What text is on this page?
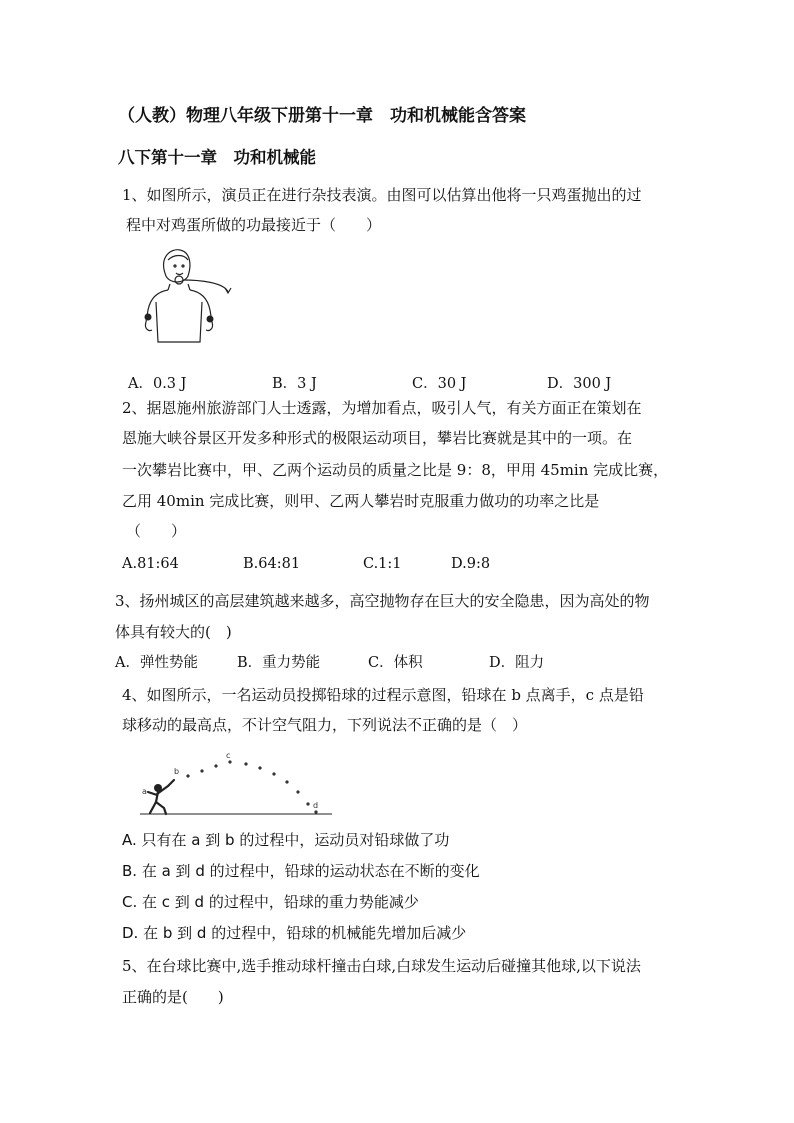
（人教）物理八年级下册第十一章　功和机械能含答案
八下第十一章　功和机械能
1、如图所示，演员正在进行杂技表演。由图可以估算出他将一只鸡蛋抛出的过
程中对鸡蛋所做的功最接近于（　　）
A．0.3 J	B．3 J	C．30 J	D．300 J
2、据恩施州旅游部门人士透露，为增加看点，吸引人气，有关方面正在策划在
恩施大峡谷景区开发多种形式的极限运动项目，攀岩比赛就是其中的一项。在
一次攀岩比赛中，甲、乙两个运动员的质量之比是 9：8，甲用 45min 完成比赛，
乙用 40min 完成比赛，则甲、乙两人攀岩时克服重力做功的功率之比是
（　　）
A.81:64	B.64:81	C.1:1	D.9:8
3、扬州城区的高层建筑越来越多，高空抛物存在巨大的安全隐患，因为高处的物
体具有较大的(　)
A．弹性势能	B．重力势能	C．体积	D．阻力
4、如图所示，一名运动员投掷铅球的过程示意图，铅球在 b 点离手，c 点是铅
球移动的最高点，不计空气阻力，下列说法不正确的是（　）
a
b
c
d
A. 只有在 a 到 b 的过程中，运动员对铅球做了功
B. 在 a 到 d 的过程中，铅球的运动状态在不断的变化
C. 在 c 到 d 的过程中，铅球的重力势能减少
D. 在 b 到 d 的过程中，铅球的机械能先增加后减少
5、在台球比赛中,选手推动球杆撞击白球,白球发生运动后碰撞其他球,以下说法
正确的是(　　)
